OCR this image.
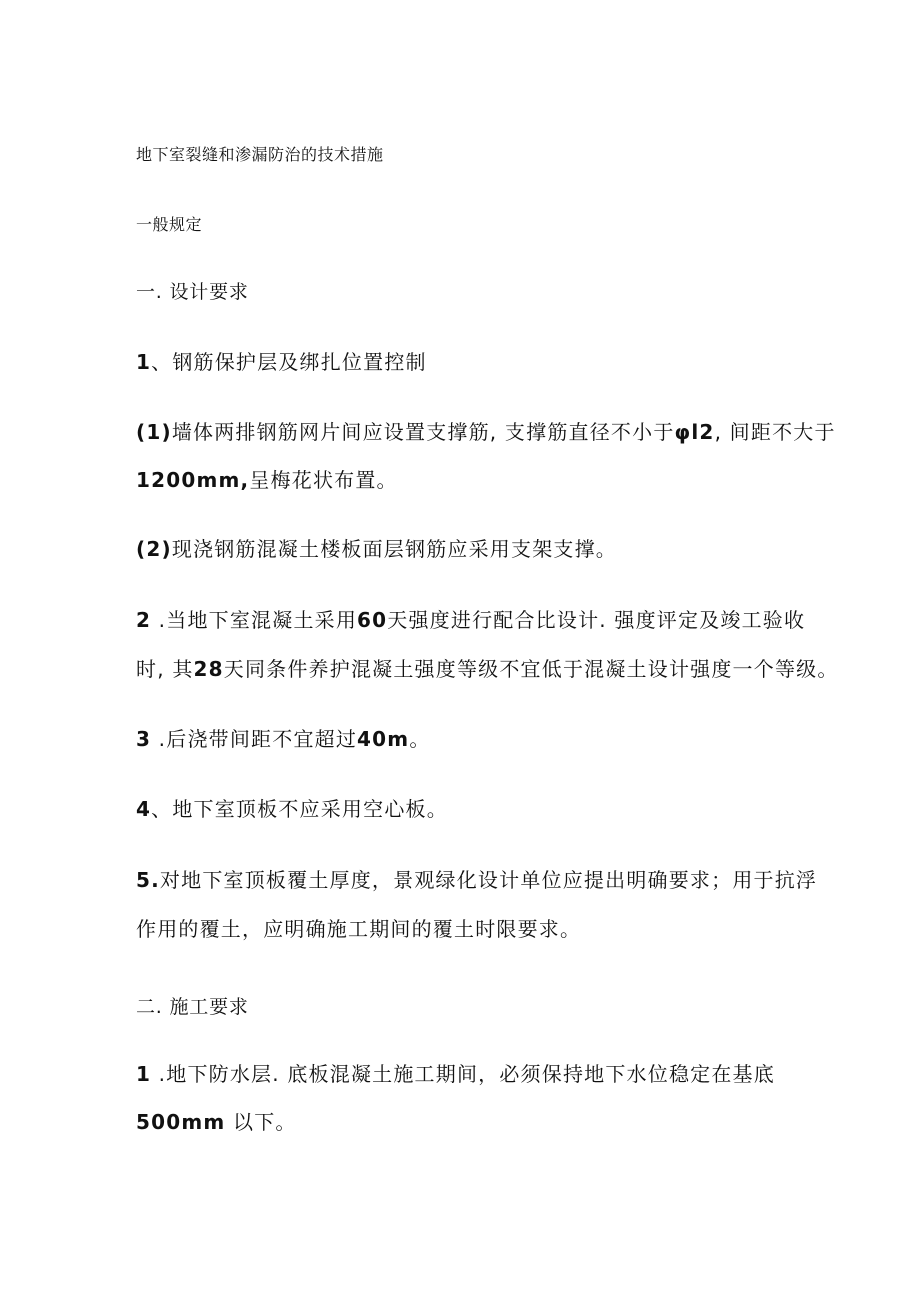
地下室裂缝和渗漏防治的技术措施
一般规定
一. 设计要求
1、钢筋保护层及绑扎位置控制
(1)墙体两排钢筋网片间应设置支撑筋, 支撑筋直径不小于φl2, 间距不大于
1200mm,呈梅花状布置。
(2)现浇钢筋混凝土楼板面层钢筋应采用支架支撑。
2 .当地下室混凝土采用60天强度进行配合比设计. 强度评定及竣工验收
时, 其28天同条件养护混凝土强度等级不宜低于混凝土设计强度一个等级。
3 .后浇带间距不宜超过40m。
4、地下室顶板不应采用空心板。
5.对地下室顶板覆土厚度，景观绿化设计单位应提出明确要求；用于抗浮
作用的覆土，应明确施工期间的覆土时限要求。
二. 施工要求
1 .地下防水层. 底板混凝土施工期间，必须保持地下水位稳定在基底
500mm 以下。
